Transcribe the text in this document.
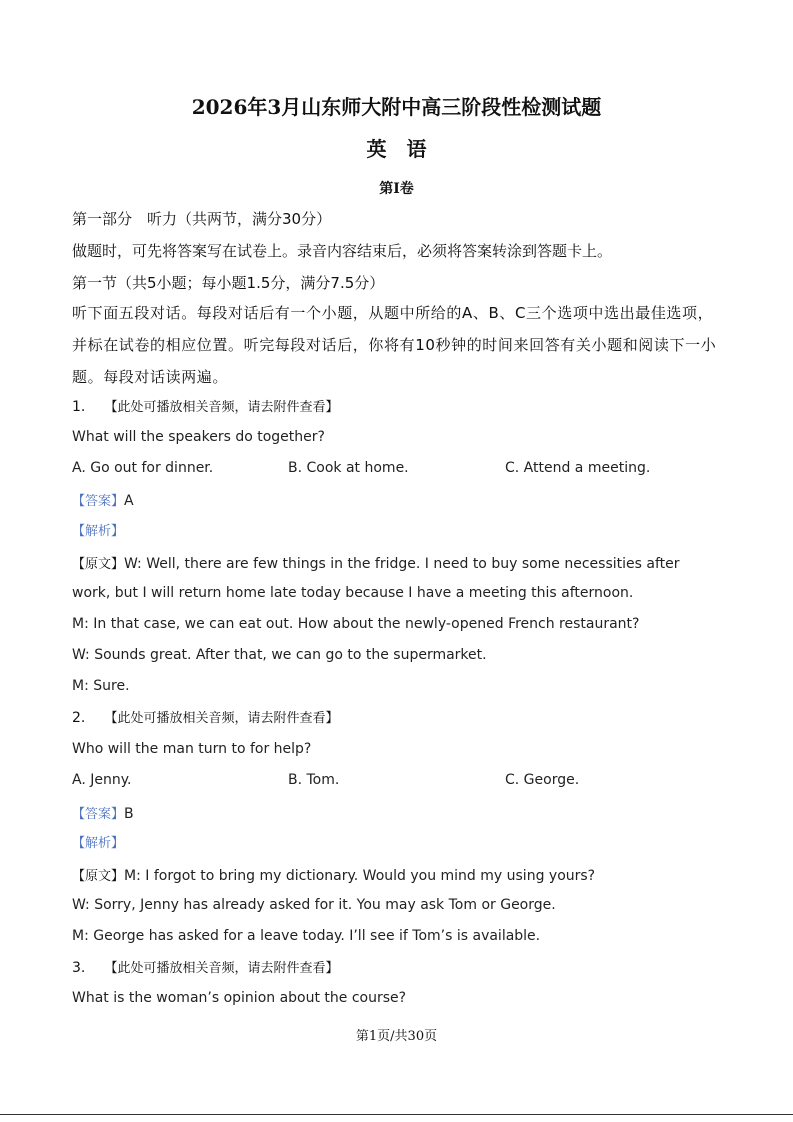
2026年3月山东师大附中高三阶段性检测试题
英语
第I卷
第一部分　听力（共两节，满分30分）
做题时，可先将答案写在试卷上。录音内容结束后，必须将答案转涂到答题卡上。
第一节（共5小题；每小题1.5分，满分7.5分）
听下面五段对话。每段对话后有一个小题，从题中所给的A、B、C三个选项中选出最佳选项，并标在试卷的相应位置。听完每段对话后，你将有10秒钟的时间来回答有关小题和阅读下一小题。每段对话读两遍。
1. 【此处可播放相关音频，请去附件查看】
What will the speakers do together?
A. Go out for dinner.	B. Cook at home.	C. Attend a meeting.
【答案】A
【解析】
【原文】W: Well, there are few things in the fridge. I need to buy some necessities after
work, but I will return home late today because I have a meeting this afternoon.
M: In that case, we can eat out. How about the newly-opened French restaurant?
W: Sounds great. After that, we can go to the supermarket.
M: Sure.
2. 【此处可播放相关音频，请去附件查看】
Who will the man turn to for help?
A. Jenny.	B. Tom.	C. George.
【答案】B
【解析】
【原文】M: I forgot to bring my dictionary. Would you mind my using yours?
W: Sorry, Jenny has already asked for it. You may ask Tom or George.
M: George has asked for a leave today. I’ll see if Tom’s is available.
3. 【此处可播放相关音频，请去附件查看】
What is the woman’s opinion about the course?
第1页/共30页
